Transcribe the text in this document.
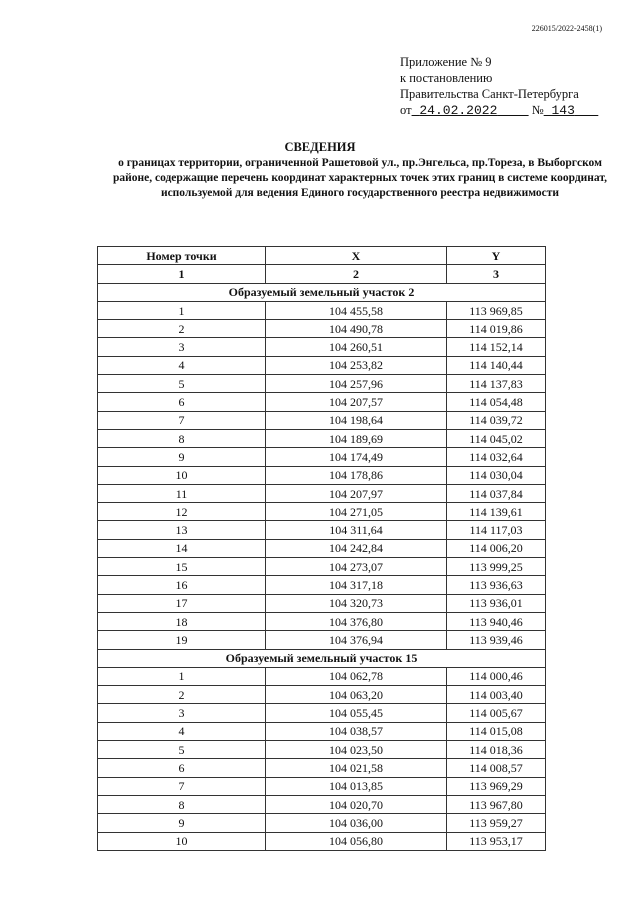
226015/2022-2458(1)
Приложение № 9
к постановлению
Правительства Санкт-Петербурга
от 24.02.2022	№ 143
СВЕДЕНИЯ
о границах территории, ограниченной Рашетовой ул., пр.Энгельса, пр.Тореза, в Выборгском районе, содержащие перечень координат характерных точек этих границ в системе координат, используемой для ведения Единого государственного реестра недвижимости
Номер точки	X	Y
1	2	3
Образуемый земельный участок 2		
1	104 455,58	113 969,85
2	104 490,78	114 019,86
3	104 260,51	114 152,14
4	104 253,82	114 140,44
5	104 257,96	114 137,83
6	104 207,57	114 054,48
7	104 198,64	114 039,72
8	104 189,69	114 045,02
9	104 174,49	114 032,64
10	104 178,86	114 030,04
11	104 207,97	114 037,84
12	104 271,05	114 139,61
13	104 311,64	114 117,03
14	104 242,84	114 006,20
15	104 273,07	113 999,25
16	104 317,18	113 936,63
17	104 320,73	113 936,01
18	104 376,80	113 940,46
19	104 376,94	113 939,46
Образуемый земельный участок 15		
1	104 062,78	114 000,46
2	104 063,20	114 003,40
3	104 055,45	114 005,67
4	104 038,57	114 015,08
5	104 023,50	114 018,36
6	104 021,58	114 008,57
7	104 013,85	113 969,29
8	104 020,70	113 967,80
9	104 036,00	113 959,27
10	104 056,80	113 953,17
